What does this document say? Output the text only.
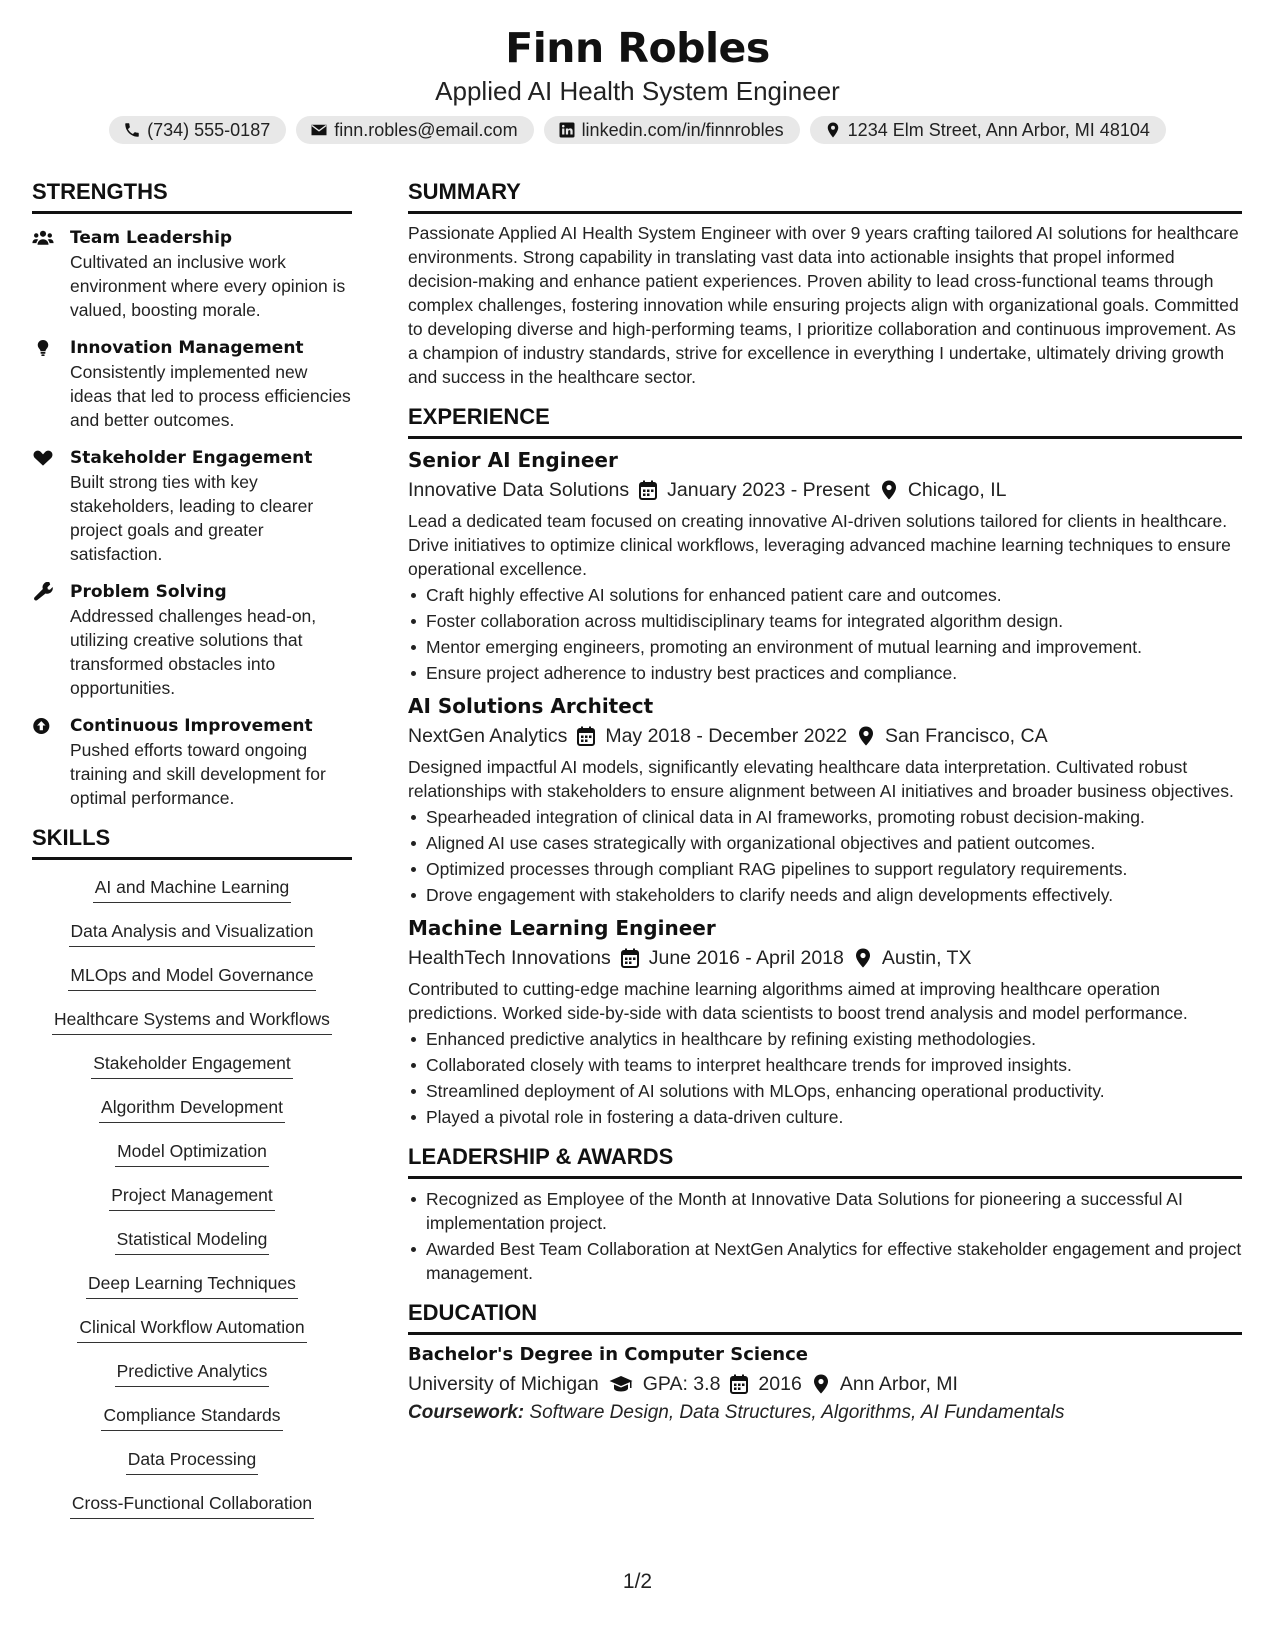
Finn Robles
Applied AI Health System Engineer
(734) 555-0187	finn.robles@email.com	linkedin.com/in/finnrobles	1234 Elm Street, Ann Arbor, MI 48104
STRENGTHS
Team Leadership
Cultivated an inclusive work environment where every opinion is valued, boosting morale.
Innovation Management
Consistently implemented new ideas that led to process efficiencies and better outcomes.
Stakeholder Engagement
Built strong ties with key stakeholders, leading to clearer project goals and greater satisfaction.
Problem Solving
Addressed challenges head-on, utilizing creative solutions that transformed obstacles into opportunities.
Continuous Improvement
Pushed efforts toward ongoing training and skill development for optimal performance.
SKILLS
AI and Machine Learning
Data Analysis and Visualization
MLOps and Model Governance
Healthcare Systems and Workflows
Stakeholder Engagement
Algorithm Development
Model Optimization
Project Management
Statistical Modeling
Deep Learning Techniques
Clinical Workflow Automation
Predictive Analytics
Compliance Standards
Data Processing
Cross-Functional Collaboration
SUMMARY
Passionate Applied AI Health System Engineer with over 9 years crafting tailored AI solutions for healthcare environments. Strong capability in translating vast data into actionable insights that propel informed decision-making and enhance patient experiences. Proven ability to lead cross-functional teams through complex challenges, fostering innovation while ensuring projects align with organizational goals. Committed to developing diverse and high-performing teams, I prioritize collaboration and continuous improvement. As a champion of industry standards, strive for excellence in everything I undertake, ultimately driving growth and success in the healthcare sector.
EXPERIENCE
Senior AI Engineer
Innovative Data Solutions January 2023 - Present Chicago, IL
Lead a dedicated team focused on creating innovative AI-driven solutions tailored for clients in healthcare. Drive initiatives to optimize clinical workflows, leveraging advanced machine learning techniques to ensure operational excellence.
Craft highly effective AI solutions for enhanced patient care and outcomes.
Foster collaboration across multidisciplinary teams for integrated algorithm design.
Mentor emerging engineers, promoting an environment of mutual learning and improvement.
Ensure project adherence to industry best practices and compliance.
AI Solutions Architect
NextGen Analytics May 2018 - December 2022 San Francisco, CA
Designed impactful AI models, significantly elevating healthcare data interpretation. Cultivated robust relationships with stakeholders to ensure alignment between AI initiatives and broader business objectives.
Spearheaded integration of clinical data in AI frameworks, promoting robust decision-making.
Aligned AI use cases strategically with organizational objectives and patient outcomes.
Optimized processes through compliant RAG pipelines to support regulatory requirements.
Drove engagement with stakeholders to clarify needs and align developments effectively.
Machine Learning Engineer
HealthTech Innovations June 2016 - April 2018 Austin, TX
Contributed to cutting-edge machine learning algorithms aimed at improving healthcare operation predictions. Worked side-by-side with data scientists to boost trend analysis and model performance.
Enhanced predictive analytics in healthcare by refining existing methodologies.
Collaborated closely with teams to interpret healthcare trends for improved insights.
Streamlined deployment of AI solutions with MLOps, enhancing operational productivity.
Played a pivotal role in fostering a data-driven culture.
LEADERSHIP & AWARDS
Recognized as Employee of the Month at Innovative Data Solutions for pioneering a successful AI implementation project.
Awarded Best Team Collaboration at NextGen Analytics for effective stakeholder engagement and project management.
EDUCATION
Bachelor's Degree in Computer Science
University of Michigan GPA: 3.8 2016 Ann Arbor, MI
Coursework: Software Design, Data Structures, Algorithms, AI Fundamentals
1/2
